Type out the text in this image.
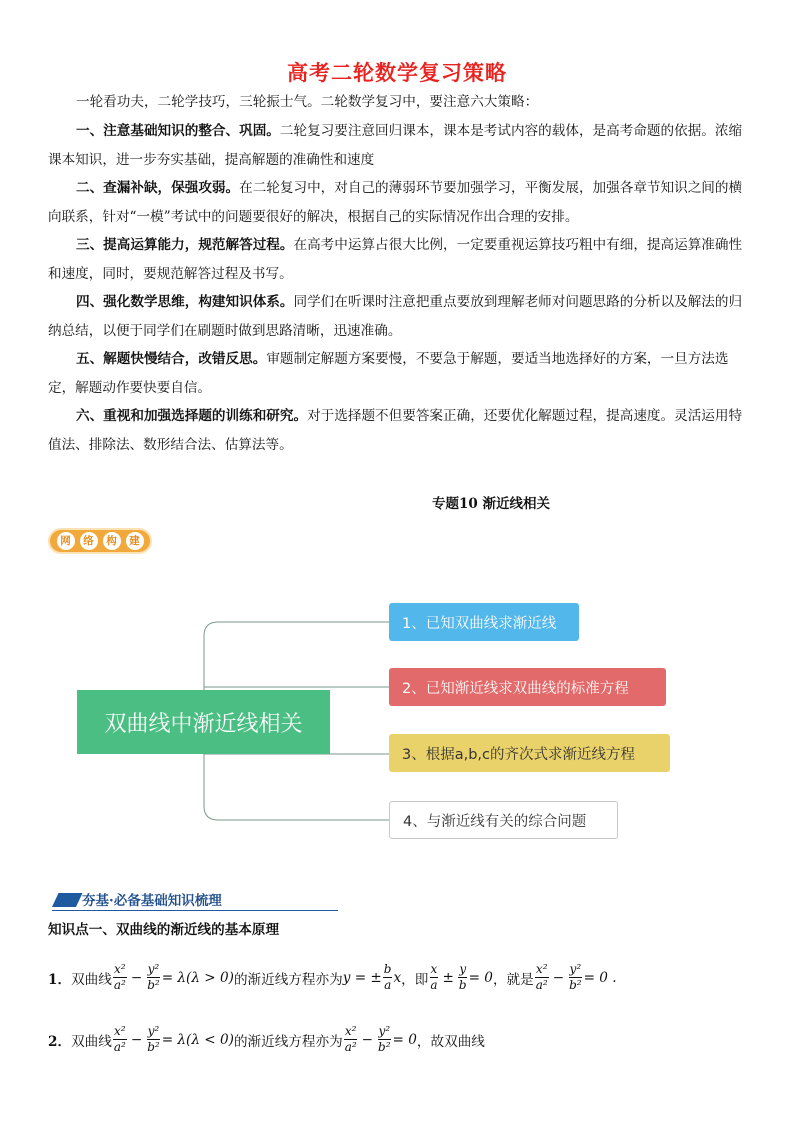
高考二轮数学复习策略
一轮看功夫，二轮学技巧，三轮振士气。二轮数学复习中，要注意六大策略：
一、注意基础知识的整合、巩固。二轮复习要注意回归课本，课本是考试内容的载体，是高考命题的依据。浓缩课本知识，进一步夯实基础，提高解题的准确性和速度
二、查漏补缺，保强攻弱。在二轮复习中，对自己的薄弱环节要加强学习，平衡发展，加强各章节知识之间的横向联系，针对“一模”考试中的问题要很好的解决，根据自己的实际情况作出合理的安排。
三、提高运算能力，规范解答过程。在高考中运算占很大比例，一定要重视运算技巧粗中有细，提高运算准确性和速度，同时，要规范解答过程及书写。
四、强化数学思维，构建知识体系。同学们在听课时注意把重点要放到理解老师对问题思路的分析以及解法的归纳总结，以便于同学们在刷题时做到思路清晰，迅速准确。
五、解题快慢结合，改错反思。审题制定解题方案要慢，不要急于解题，要适当地选择好的方案，一旦方法选定，解题动作要快要自信。
六、重视和加强选择题的训练和研究。对于选择题不但要答案正确，还要优化解题过程，提高速度。灵活运用特值法、排除法、数形结合法、估算法等。
专题10 渐近线相关
网	络	构	建
双曲线中渐近线相关
1、已知双曲线求渐近线
2、已知渐近线求双曲线的标准方程
3、根据a,b,c的齐次式求渐近线方程
4、与渐近线有关的综合问题
夯基·必备基础知识梳理
知识点一、双曲线的渐近线的基本原理
1． 双曲线 $\frac{\text{x²}}{\text{a²}} - \frac{\text{y²}}{\text{b²}} = \lambda(\lambda > 0)$ 的渐近线方程亦为 y = ± $\frac{b}{a}$ x ，即 $\frac{x}{a} \pm \frac{y}{b} = 0$ ，就是 $\frac{\text{x²}}{\text{a²}} - \frac{\text{y²}}{\text{b²}} = 0$ .
2． 双曲线 $\frac{\text{x²}}{\text{a²}} - \frac{\text{y²}}{\text{b²}} = \lambda(\lambda < 0)$ 的渐近线方程亦为 $\frac{\text{x²}}{\text{a²}} - \frac{\text{y²}}{\text{b²}} = 0$ ，故双曲线
